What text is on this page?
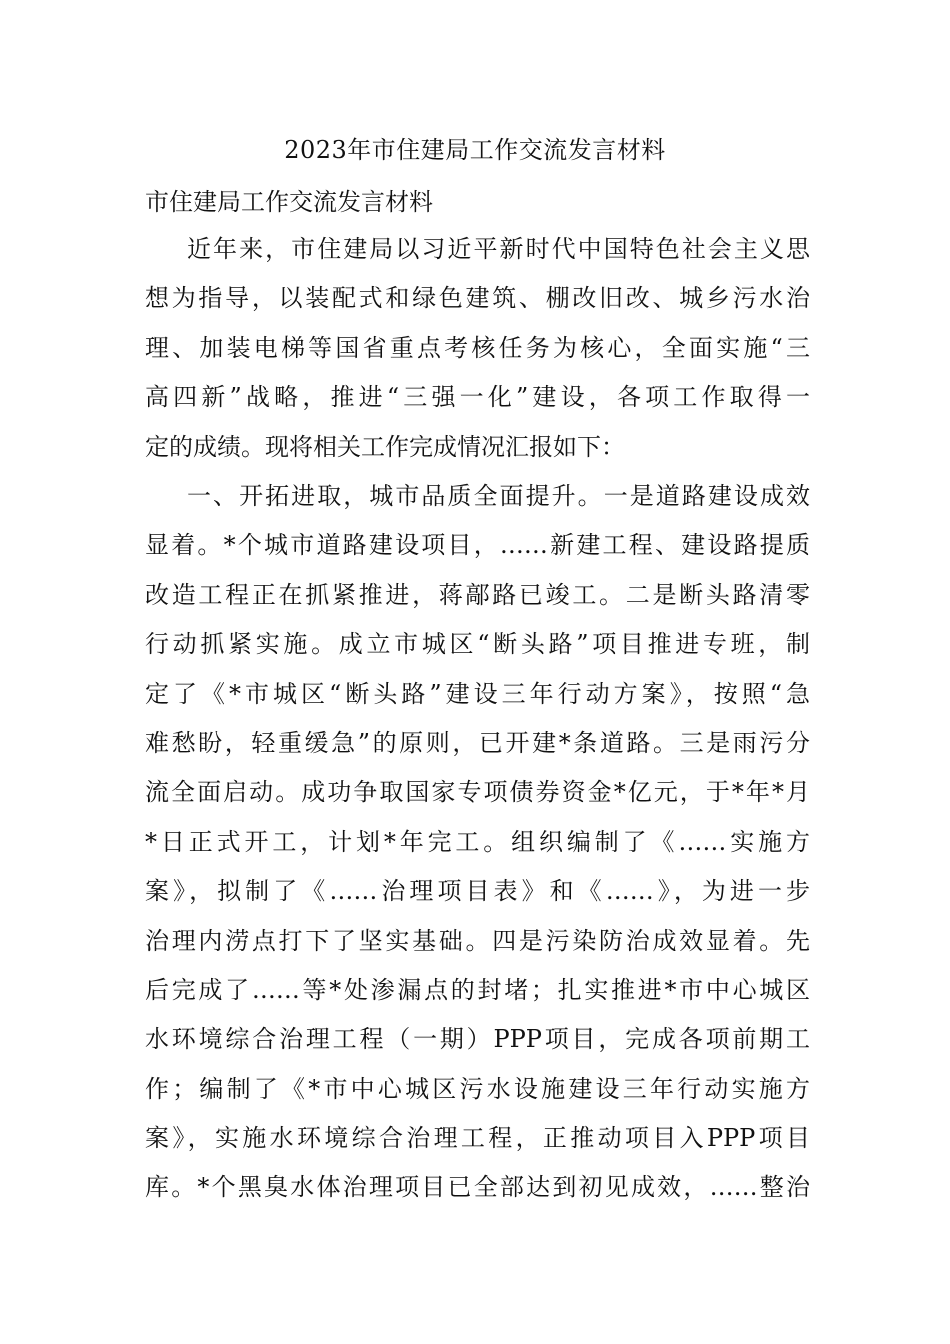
2023年市住建局工作交流发言材料
市住建局工作交流发言材料
近年来，市住建局以习近平新时代中国特色社会主义思
想为指导，以装配式和绿色建筑、棚改旧改、城乡污水治
理、加装电梯等国省重点考核任务为核心，全面实施“三
高四新”战略，推进“三强一化”建设，各项工作取得一
定的成绩。现将相关工作完成情况汇报如下：
一、开拓进取，城市品质全面提升。一是道路建设成效
显着。*个城市道路建设项目，……新建工程、建设路提质
改造工程正在抓紧推进，蒋鄗路已竣工。二是断头路清零
行动抓紧实施。成立市城区“断头路”项目推进专班，制
定了《*市城区“断头路”建设三年行动方案》，按照“急
难愁盼，轻重缓急”的原则，已开建*条道路。三是雨污分
流全面启动。成功争取国家专项债券资金*亿元，于*年*月
*日正式开工，计划*年完工。组织编制了《……实施方
案》，拟制了《……治理项目表》和《……》，为进一步
治理内涝点打下了坚实基础。四是污染防治成效显着。先
后完成了……等*处渗漏点的封堵；扎实推进*市中心城区
水环境综合治理工程（一期）PPP项目，完成各项前期工
作；编制了《*市中心城区污水设施建设三年行动实施方
案》，实施水环境综合治理工程，正推动项目入PPP项目
库。*个黑臭水体治理项目已全部达到初见成效，……整治
